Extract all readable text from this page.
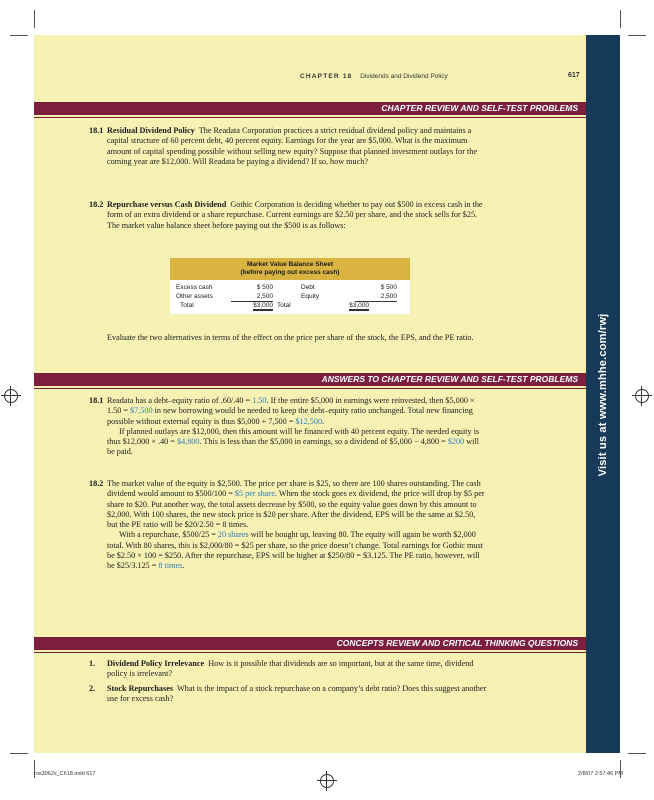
Visit us at www.mhhe.com/rwj
CHAPTER 18 Dividends and Dividend Policy	617
CHAPTER REVIEW AND SELF-TEST PROBLEMS
18.1 Residual Dividend Policy The Readata Corporation practices a strict residual dividend policy and maintains a capital structure of 60 percent debt, 40 percent equity. Earnings for the year are $5,000. What is the maximum amount of capital spending possible without selling new equity? Suppose that planned investment outlays for the coming year are $12,000. Will Readata be paying a dividend? If so, how much?

18.2 Repurchase versus Cash Dividend Gothic Corporation is deciding whether to pay out $500 in excess cash in the form of an extra dividend or a share repurchase. Current earnings are $2.50 per share, and the stock sells for $25. The market value balance sheet before paying out the $500 is as follows:

Market Value Balance Sheet
(before paying out excess cash)
Excess cash	$ 500	Debt	$ 500
Other assets	2,500	Equity	2,500
Total	$3,000 Total	$3,000

Evaluate the two alternatives in terms of the effect on the price per share of the stock, the EPS, and the PE ratio.

ANSWERS TO CHAPTER REVIEW AND SELF-TEST PROBLEMS
18.1 Readata has a debt–equity ratio of .60/.40 = 1.50. If the entire $5,000 in earnings were reinvested, then $5,000 × 1.50 = $7,500 in new borrowing would be needed to keep the debt–equity ratio unchanged. Total new financing possible without external equity is thus $5,000 + 7,500 = $12,500.

If planned outlays are $12,000, then this amount will be financed with 40 percent equity. The needed equity is thus $12,000 × .40 = $4,800. This is less than the $5,000 in earnings, so a dividend of $5,000 − 4,800 = $200 will be paid.

18.2 The market value of the equity is $2,500. The price per share is $25, so there are 100 shares outstanding. The cash dividend would amount to $500/100 = $5 per share. When the stock goes ex dividend, the price will drop by $5 per share to $20. Put another way, the total assets decrease by $500, so the equity value goes down by this amount to $2,000. With 100 shares, the new stock price is $20 per share. After the dividend, EPS will be the same at $2.50, but the PE ratio will be $20/2.50 = 8 times.

With a repurchase, $500/25 = 20 shares will be bought up, leaving 80. The equity will again be worth $2,000 total. With 80 shares, this is $2,000/80 = $25 per share, so the price doesn’t change. Total earnings for Gothic must be $2.50 × 100 = $250. After the repurchase, EPS will be higher at $250/80 = $3.125. The PE ratio, however, will be $25/3.125 = 8 times.

CONCEPTS REVIEW AND CRITICAL THINKING QUESTIONS
1. Dividend Policy Irrelevance How is it possible that dividends are so important, but at the same time, dividend policy is irrelevant?

2. Stock Repurchases What is the impact of a stock repurchase on a company’s debt ratio? Does this suggest another use for excess cash?

ros3062x_Ch18.indd 617	2/8/07 2:57:46 PM
